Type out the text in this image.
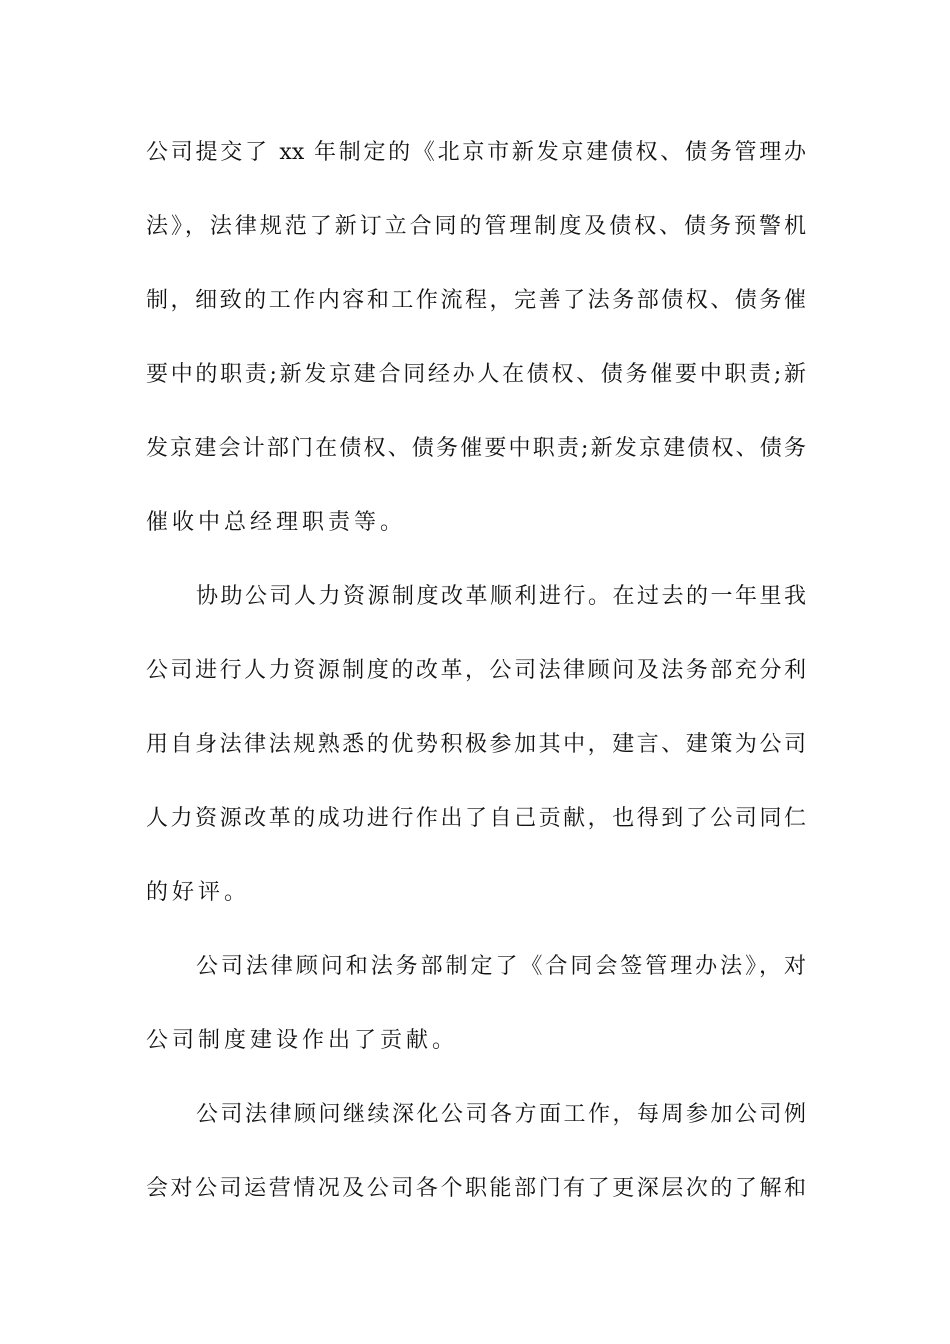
公司提交了 xx 年制定的《北京市新发京建债权、债务管理办
法》，法律规范了新订立合同的管理制度及债权、债务预警机
制，细致的工作内容和工作流程，完善了法务部债权、债务催
要中的职责;新发京建合同经办人在债权、债务催要中职责;新
发京建会计部门在债权、债务催要中职责;新发京建债权、债务
催收中总经理职责等。
协助公司人力资源制度改革顺利进行。在过去的一年里我
公司进行人力资源制度的改革，公司法律顾问及法务部充分利
用自身法律法规熟悉的优势积极参加其中，建言、建策为公司
人力资源改革的成功进行作出了自己贡献，也得到了公司同仁
的好评。
公司法律顾问和法务部制定了《合同会签管理办法》，对
公司制度建设作出了贡献。
公司法律顾问继续深化公司各方面工作，每周参加公司例
会对公司运营情况及公司各个职能部门有了更深层次的了解和
